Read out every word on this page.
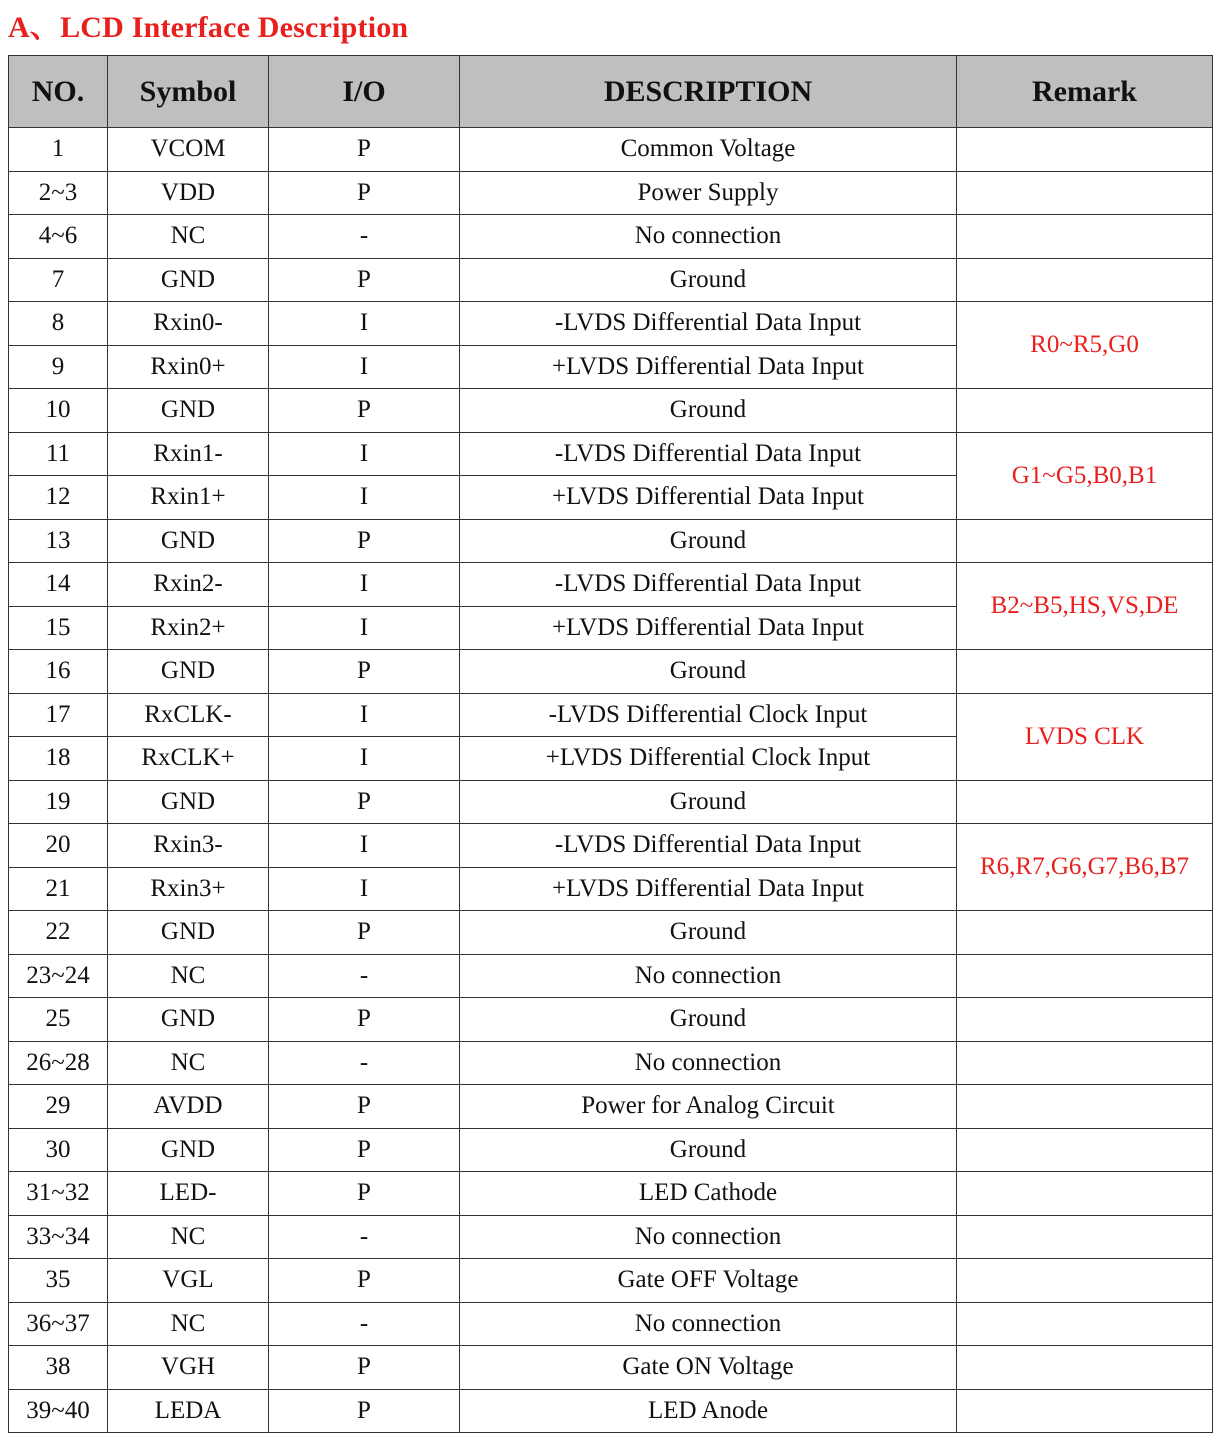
A、LCD Interface Description
NO.	Symbol	I/O	DESCRIPTION	Remark
1	VCOM	P	Common Voltage	
2~3	VDD	P	Power Supply	
4~6	NC	-	No connection	
7	GND	P	Ground	
8	Rxin0-	I	-LVDS Differential Data Input	R0~R5,G0
9	Rxin0+	I	+LVDS Differential Data Input	
10	GND	P	Ground	
11	Rxin1-	I	-LVDS Differential Data Input	G1~G5,B0,B1
12	Rxin1+	I	+LVDS Differential Data Input	
13	GND	P	Ground	
14	Rxin2-	I	-LVDS Differential Data Input	B2~B5,HS,VS,DE
15	Rxin2+	I	+LVDS Differential Data Input	
16	GND	P	Ground	
17	RxCLK-	I	-LVDS Differential Clock Input	LVDS CLK
18	RxCLK+	I	+LVDS Differential Clock Input	
19	GND	P	Ground	
20	Rxin3-	I	-LVDS Differential Data Input	R6,R7,G6,G7,B6,B7
21	Rxin3+	I	+LVDS Differential Data Input	
22	GND	P	Ground	
23~24	NC	-	No connection	
25	GND	P	Ground	
26~28	NC	-	No connection	
29	AVDD	P	Power for Analog Circuit	
30	GND	P	Ground	
31~32	LED-	P	LED Cathode	
33~34	NC	-	No connection	
35	VGL	P	Gate OFF Voltage	
36~37	NC	-	No connection	
38	VGH	P	Gate ON Voltage	
39~40	LEDA	P	LED Anode	
